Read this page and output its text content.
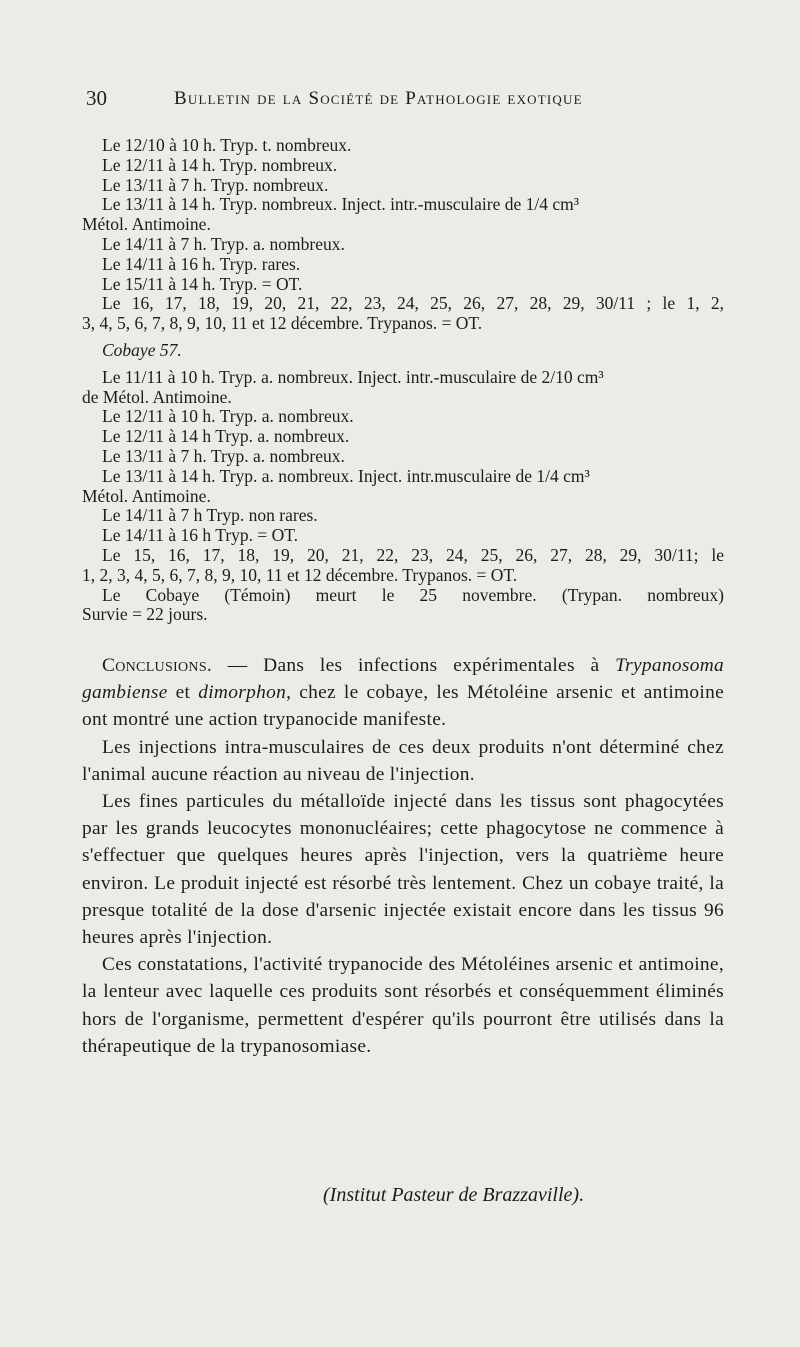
30	Bulletin de la Société de Pathologie exotique
Le 12/10 à 10 h. Tryp. t. nombreux.
Le 12/11 à 14 h. Tryp. nombreux.
Le 13/11 à 7 h. Tryp. nombreux.
Le 13/11 à 14 h. Tryp. nombreux. Inject. intr.-musculaire de 1/4 cm³
Métol. Antimoine.
Le 14/11 à 7 h. Tryp. a. nombreux.
Le 14/11 à 16 h. Tryp. rares.
Le 15/11 à 14 h. Tryp. = OT.
Le 16, 17, 18, 19, 20, 21, 22, 23, 24, 25, 26, 27, 28, 29, 30/11 ; le 1, 2,
3, 4, 5, 6, 7, 8, 9, 10, 11 et 12 décembre. Trypanos. = OT.
Cobaye 57.
Le 11/11 à 10 h. Tryp. a. nombreux. Inject. intr.-musculaire de 2/10 cm³
de Métol. Antimoine.
Le 12/11 à 10 h. Tryp. a. nombreux.
Le 12/11 à 14 h Tryp. a. nombreux.
Le 13/11 à 7 h. Tryp. a. nombreux.
Le 13/11 à 14 h. Tryp. a. nombreux. Inject. intr.musculaire de 1/4 cm³
Métol. Antimoine.
Le 14/11 à 7 h Tryp. non rares.
Le 14/11 à 16 h Tryp. = OT.
Le 15, 16, 17, 18, 19, 20, 21, 22, 23, 24, 25, 26, 27, 28, 29, 30/11; le
1, 2, 3, 4, 5, 6, 7, 8, 9, 10, 11 et 12 décembre. Trypanos. = OT.
Le Cobaye (Témoin) meurt le 25 novembre. (Trypan. nombreux)
Survie = 22 jours.

Conclusions. — Dans les infections expérimentales à Trypanosoma gambiense et dimorphon, chez le cobaye, les Métoléine arsenic et antimoine ont montré une action trypanocide manifeste.

Les injections intra-musculaires de ces deux produits n'ont déterminé chez l'animal aucune réaction au niveau de l'injection.

Les fines particules du métalloïde injecté dans les tissus sont phagocytées par les grands leucocytes mononucléaires; cette phagocytose ne commence à s'effectuer que quelques heures après l'injection, vers la quatrième heure environ. Le produit injecté est résorbé très lentement. Chez un cobaye traité, la presque totalité de la dose d'arsenic injectée existait encore dans les tissus 96 heures après l'injection.

Ces constatations, l'activité trypanocide des Métoléines arsenic et antimoine, la lenteur avec laquelle ces produits sont résorbés et conséquemment éliminés hors de l'organisme, permettent d'espérer qu'ils pourront être utilisés dans la thérapeutique de la trypanosomiase.

(Institut Pasteur de Brazzaville).
